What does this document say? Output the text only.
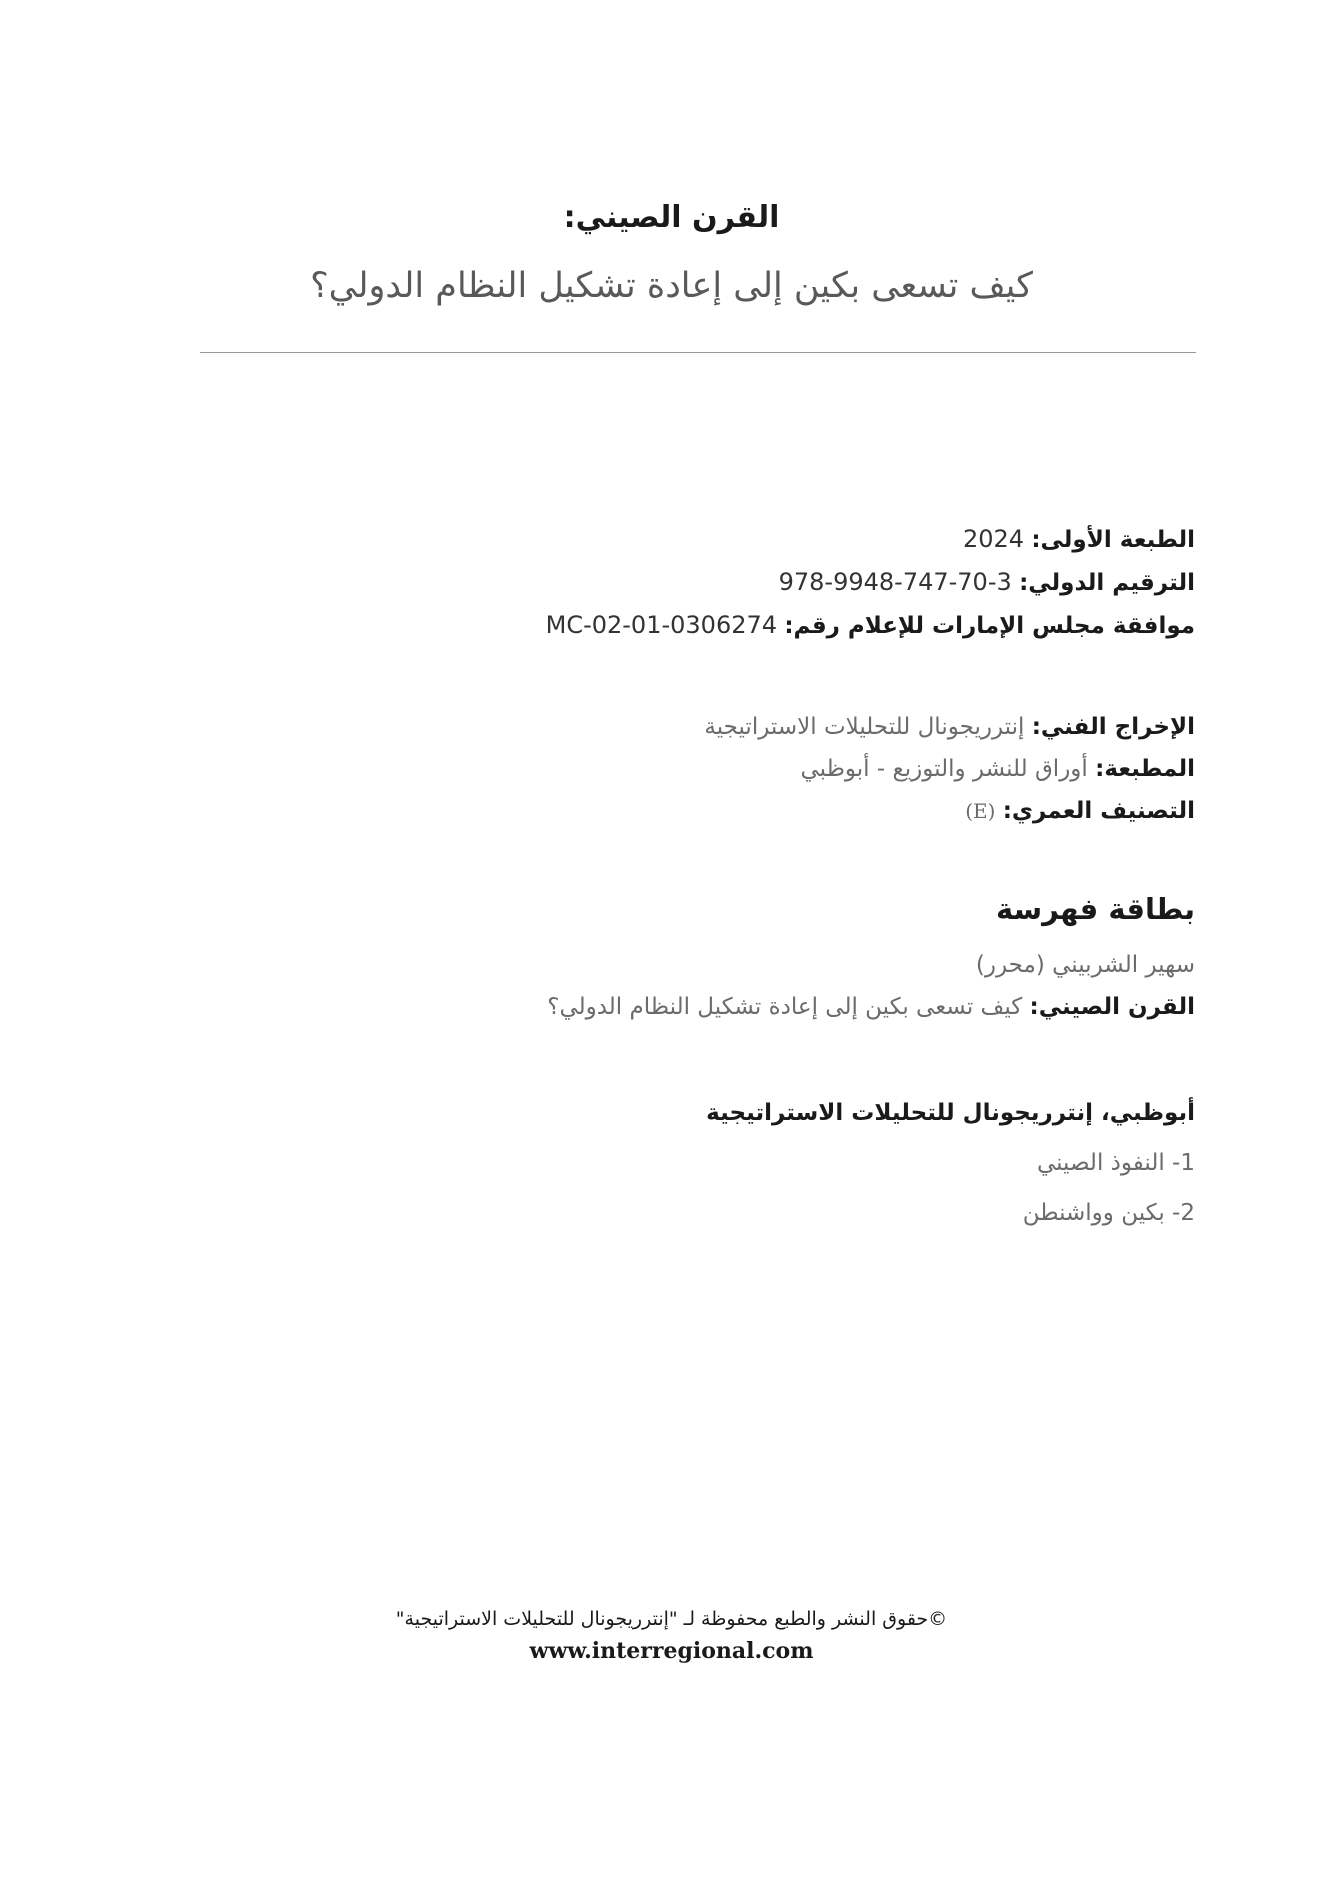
القرن الصيني:
كيف تسعى بكين إلى إعادة تشكيل النظام الدولي؟
الطبعة الأولى: 2024
الترقيم الدولي: 978-9948-747-70-3
موافقة مجلس الإمارات للإعلام رقم: MC-02-01-0306274
الإخراج الفني: إنترريجونال للتحليلات الاستراتيجية
المطبعة: أوراق للنشر والتوزيع - أبوظبي
التصنيف العمري: (E)
بطاقة فهرسة
سهير الشربيني (محرر)
القرن الصيني: كيف تسعى بكين إلى إعادة تشكيل النظام الدولي؟
أبوظبي، إنترريجونال للتحليلات الاستراتيجية
1- النفوذ الصيني
2- بكين وواشنطن
©حقوق النشر والطبع محفوظة لـ "إنترريجونال للتحليلات الاستراتيجية"
www.interregional.com
